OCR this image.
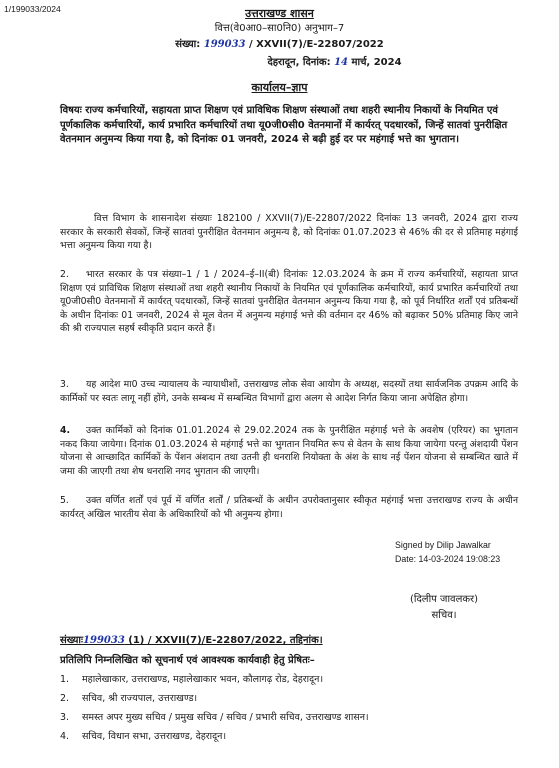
1/199033/2024	उत्तराखण्ड शासन
वित्त(वे0आ0–सा0नि0) अनुभाग–7
संख्या: 199033 / XXVII(7)/E-22807/2022
देहरादून, दिनांक: 14 मार्च, 2024
कार्यालय–ज्ञाप
विषयः राज्य कर्मचारियों, सहायता प्राप्त शिक्षण एवं प्राविधिक शिक्षण संस्थाओं तथा शहरी स्थानीय निकायों के नियमित एवं पूर्णकालिक कर्मचारियों, कार्य प्रभारित कर्मचारियों तथा यू0जी0सी0 वेतनमानों में कार्यरत् पदधारकों, जिन्हें सातवां पुनरीक्षित वेतनमान अनुमन्य किया गया है, को दिनांकः 01 जनवरी, 2024 से बढ़ी हुई दर पर महंगाई भत्ते का भुगतान।
वित्त विभाग के शासनादेश संख्याः 182100 / XXVII(7)/E-22807/2022 दिनांकः 13 जनवरी, 2024 द्वारा राज्य सरकार के सरकारी सेवकों, जिन्हें सातवां पुनरीक्षित वेतनमान अनुमन्य है, को दिनांकः 01.07.2023 से 46% की दर से प्रतिमाह महंगाई भत्ता अनुमन्य किया गया है।
2. भारत सरकार के पत्र संख्या–1 / 1 / 2024–ई–II(बी) दिनांकः 12.03.2024 के क्रम में राज्य कर्मचारियों, सहायता प्राप्त शिक्षण एवं प्राविधिक शिक्षण संस्थाओं तथा शहरी स्थानीय निकायों के नियमित एवं पूर्णकालिक कर्मचारियों, कार्य प्रभारित कर्मचारियों तथा यू0जी0सी0 वेतनमानों में कार्यरत् पदधारकों, जिन्हें सातवां पुनरीक्षित वेतनमान अनुमन्य किया गया है, को पूर्व निर्धारित शर्तों एवं प्रतिबन्धों के अधीन दिनांकः 01 जनवरी, 2024 से मूल वेतन में अनुमन्य महंगाई भत्ते की वर्तमान दर 46% को बढ़ाकर 50% प्रतिमाह किए जाने की श्री राज्यपाल सहर्ष स्वीकृति प्रदान करते हैं।
3. यह आदेश मा0 उच्च न्यायालय के न्यायाधीशों, उत्तराखण्ड लोक सेवा आयोग के अध्यक्ष, सदस्यों तथा सार्वजनिक उपक्रम आदि के कार्मिकों पर स्वतः लागू नहीं होंगे, उनके सम्बन्ध में सम्बन्धित विभागों द्वारा अलग से आदेश निर्गत किया जाना अपेक्षित होगा।
4. उक्त कार्मिकों को दिनांक 01.01.2024 से 29.02.2024 तक के पुनरीक्षित महंगाई भत्ते के अवशेष (एरियर) का भुगतान नकद किया जायेगा। दिनांक 01.03.2024 से महंगाई भत्ते का भुगतान नियमित रूप से वेतन के साथ किया जायेगा परन्तु अंशदायी पेंशन योजना से आच्छादित कार्मिकों के पेंशन अंशदान तथा उतनी ही धनराशि नियोक्ता के अंश के साथ नई पेंशन योजना से सम्बन्धित खाते में जमा की जाएगी तथा शेष धनराशि नगद भुगतान की जाएगी।
5. उक्त वर्णित शर्तों एवं पूर्व में वर्णित शर्तों / प्रतिबन्धों के अधीन उपरोक्तानुसार स्वीकृत महंगाई भत्ता उत्तराखण्ड राज्य के अधीन कार्यरत् अखिल भारतीय सेवा के अधिकारियों को भी अनुमन्य होगा।
Signed by Dilip Jawalkar
Date: 14-03-2024 19:08:23
(दिलीप जावलकर)
सचिव।
संख्याः199033 (1) / XXVII(7)/E-22807/2022, तद्दिनांक।
प्रतिलिपि निम्नलिखित को सूचनार्थ एवं आवश्यक कार्यवाही हेतु प्रेषितः–
1. महालेखाकार, उत्तराखण्ड, महालेखाकार भवन, कौलागढ़ रोड, देहरादून।
2. सचिव, श्री राज्यपाल, उत्तराखण्ड।
3. समस्त अपर मुख्य सचिव / प्रमुख सचिव / सचिव / प्रभारी सचिव, उत्तराखण्ड शासन।
4. सचिव, विधान सभा, उत्तराखण्ड, देहरादून।
